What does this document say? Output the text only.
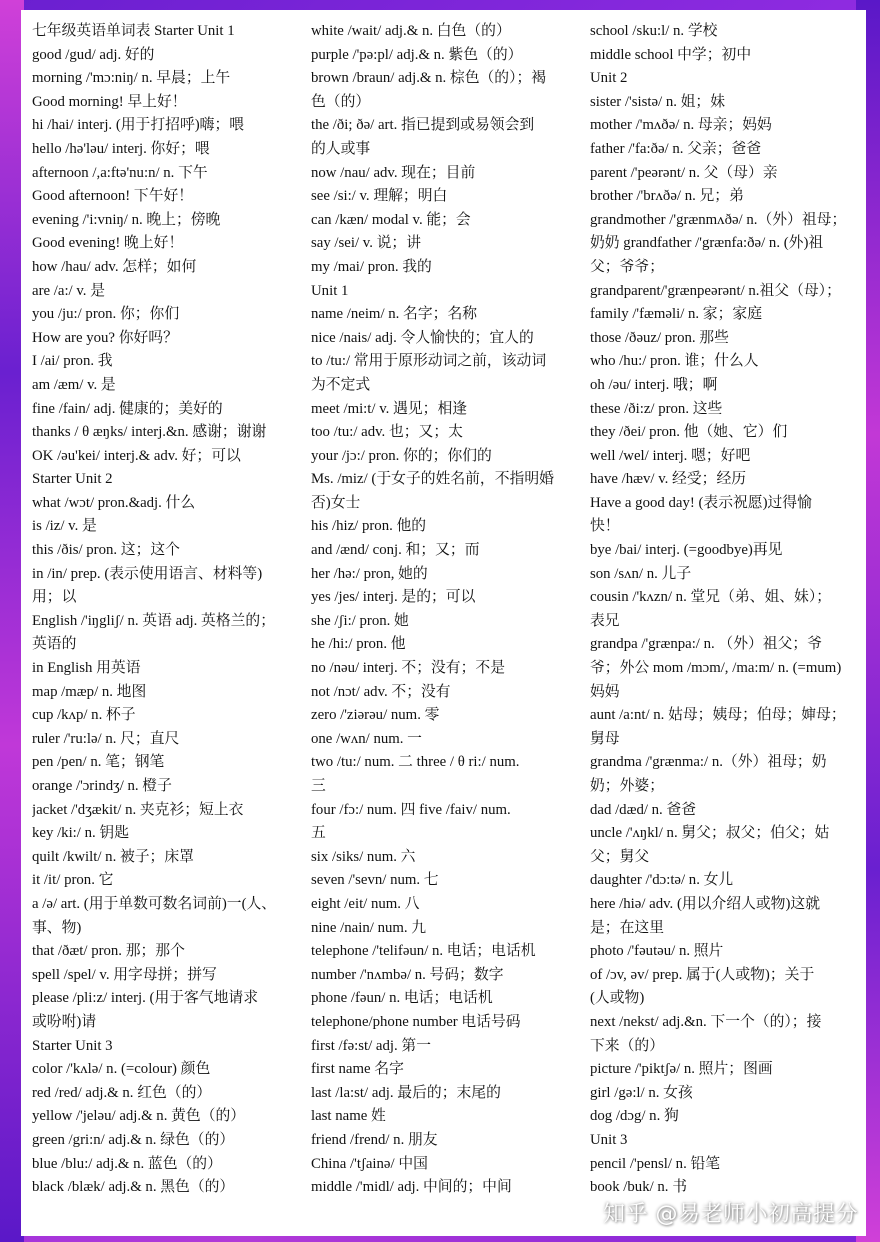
七年级英语单词表 Starter Unit 1
good /gud/ adj. 好的
morning /'mɔ:niŋ/ n. 早晨；上午
Good morning! 早上好！
hi /hai/ interj. (用于打招呼)嗨；喂
hello /hə'ləu/ interj. 你好；喂
afternoon /,a:ftə'nu:n/ n. 下午
Good afternoon! 下午好！
evening /'i:vniŋ/ n. 晚上；傍晚
Good evening! 晚上好！
how /hau/ adv. 怎样；如何
are /a:/ v. 是
you /ju:/ pron. 你；你们
How are you? 你好吗？
I /ai/ pron. 我
am /æm/ v. 是
fine /fain/ adj. 健康的；美好的
thanks / θ æŋks/ interj.&n. 感谢；谢谢
OK /əu'kei/ interj.& adv. 好；可以
Starter Unit 2
what /wɔt/ pron.&adj. 什么
is /iz/ v. 是
this /ðis/ pron. 这；这个
in /in/ prep. (表示使用语言、材料等)
用；以
English /'iŋgliʃ/ n. 英语 adj. 英格兰的；
英语的
in English 用英语
map /mæp/ n. 地图
cup /kʌp/ n. 杯子
ruler /'ru:lə/ n. 尺；直尺
pen /pen/ n. 笔；钢笔
orange /'ɔrindʒ/ n. 橙子
jacket /'dʒækit/ n. 夹克衫；短上衣
key /ki:/ n. 钥匙
quilt /kwilt/ n. 被子；床罩
it /it/ pron. 它
a /ə/ art. (用于单数可数名词前)一(人、
事、物)
that /ðæt/ pron. 那；那个
spell /spel/ v. 用字母拼；拼写
please /pli:z/ interj. (用于客气地请求
或吩咐)请
Starter Unit 3
color /'kʌlə/ n. (=colour) 颜色
red /red/ adj.& n. 红色（的）
yellow /'jeləu/ adj.& n. 黄色（的）
green /gri:n/ adj.& n. 绿色（的）
blue /blu:/ adj.& n. 蓝色（的）
black /blæk/ adj.& n. 黑色（的）
white /wait/ adj.& n. 白色（的）
purple /'pə:pl/ adj.& n. 紫色（的）
brown /braun/ adj.& n. 棕色（的）；褐
色（的）
the /ði; ðə/ art. 指已提到或易领会到
的人或事
now /nau/ adv. 现在；目前
see /si:/ v. 理解；明白
can /kæn/ modal v. 能；会
say /sei/ v. 说；讲
my /mai/ pron. 我的
Unit 1
name /neim/ n. 名字；名称
nice /nais/ adj. 令人愉快的；宜人的
to /tu:/ 常用于原形动词之前，该动词
为不定式
meet /mi:t/ v. 遇见；相逢
too /tu:/ adv. 也；又；太
your /jɔ:/ pron. 你的；你们的
Ms. /miz/ (于女子的姓名前，不指明婚
否)女士
his /hiz/ pron. 他的
and /ænd/ conj. 和；又；而
her /hə:/ pron, 她的
yes /jes/ interj. 是的；可以
she /ʃi:/ pron. 她
he /hi:/ pron. 他
no /nəu/ interj. 不；没有；不是
not /nɔt/ adv. 不；没有
zero /'ziərəu/ num. 零
one /wʌn/ num. 一
two /tu:/ num. 二 three / θ ri:/ num.
三
four /fɔ:/ num. 四 five /faiv/ num.
五
six /siks/ num. 六
seven /'sevn/ num. 七
eight /eit/ num. 八
nine /nain/ num. 九
telephone /'telifəun/ n. 电话；电话机
number /'nʌmbə/ n. 号码；数字
phone /fəun/ n. 电话；电话机
telephone/phone number 电话号码
first /fə:st/ adj. 第一
first name 名字
last /la:st/ adj. 最后的；末尾的
last name 姓
friend /frend/ n. 朋友
China /'tʃainə/ 中国
middle /'midl/ adj. 中间的；中间
school /sku:l/ n. 学校
middle school 中学；初中
Unit 2
sister /'sistə/ n. 姐；妹
mother /'mʌðə/ n. 母亲；妈妈
father /'fa:ðə/ n. 父亲；爸爸
parent /'peərənt/ n. 父（母）亲
brother /'brʌðə/ n. 兄；弟
grandmother /'grænmʌðə/ n.（外）祖母；
奶奶 grandfather /'grænfa:ðə/ n. (外)祖
父；爷爷；
grandparent/'grænpeərənt/ n.祖父（母）；
family /'fæməli/ n. 家；家庭
those /ðəuz/ pron. 那些
who /hu:/ pron. 谁；什么人
oh /əu/ interj. 哦；啊
these /ði:z/ pron. 这些
they /ðei/ pron. 他（她、它）们
well /wel/ interj. 嗯；好吧
have /hæv/ v. 经受；经历
Have a good day! (表示祝愿)过得愉
快！
bye /bai/ interj. (=goodbye)再见
son /sʌn/ n. 儿子
cousin /'kʌzn/ n. 堂兄（弟、姐、妹）；
表兄
grandpa /'grænpa:/ n. （外）祖父；爷
爷；外公 mom /mɔm/, /ma:m/ n. (=mum)
妈妈
aunt /a:nt/ n. 姑母；姨母；伯母；婶母；
舅母
grandma /'grænma:/ n.（外）祖母；奶
奶；外婆；
dad /dæd/ n. 爸爸
uncle /'ʌŋkl/ n. 舅父；叔父；伯父；姑
父；舅父
daughter /'dɔ:tə/ n. 女儿
here /hiə/ adv. (用以介绍人或物)这就
是；在这里
photo /'fəutəu/ n. 照片
of /ɔv, əv/ prep. 属于(人或物)；关于
(人或物)
next /nekst/ adj.&n. 下一个（的）；接
下来（的）
picture /'piktʃə/ n. 照片；图画
girl /gə:l/ n. 女孩
dog /dɔg/ n. 狗
Unit 3
pencil /'pensl/ n. 铅笔
book /buk/ n. 书
知乎 @易老师小初高提分
